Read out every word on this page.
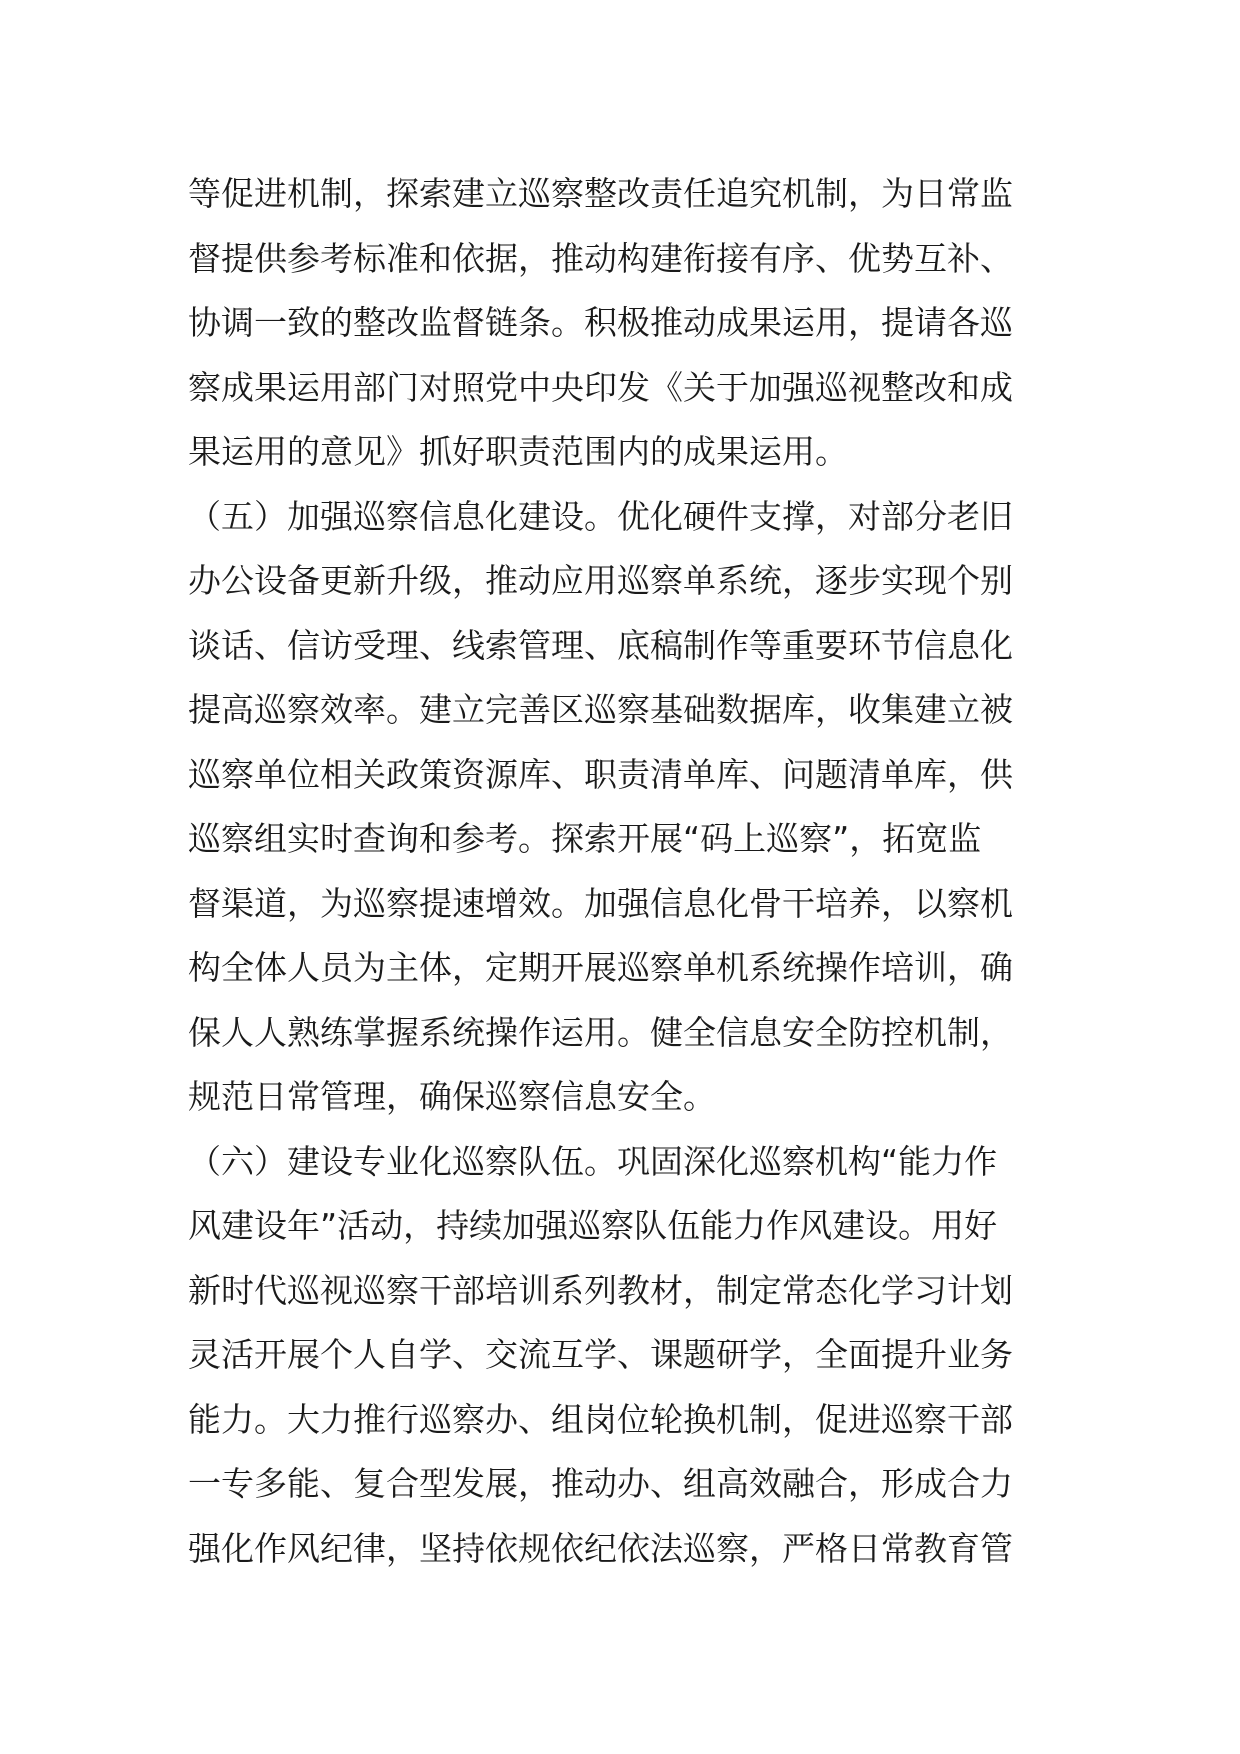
等促进机制，探索建立巡察整改责任追究机制，为日常监
督提供参考标准和依据，推动构建衔接有序、优势互补、
协调一致的整改监督链条。积极推动成果运用，提请各巡
察成果运用部门对照党中央印发《关于加强巡视整改和成
果运用的意见》抓好职责范围内的成果运用。
（五）加强巡察信息化建设。优化硬件支撑，对部分老旧
办公设备更新升级，推动应用巡察单系统，逐步实现个别
谈话、信访受理、线索管理、底稿制作等重要环节信息化
提高巡察效率。建立完善区巡察基础数据库，收集建立被
巡察单位相关政策资源库、职责清单库、问题清单库，供
巡察组实时查询和参考。探索开展“码上巡察”，拓宽监
督渠道，为巡察提速增效。加强信息化骨干培养，以察机
构全体人员为主体，定期开展巡察单机系统操作培训，确
保人人熟练掌握系统操作运用。健全信息安全防控机制，
规范日常管理，确保巡察信息安全。
（六）建设专业化巡察队伍。巩固深化巡察机构“能力作
风建设年”活动，持续加强巡察队伍能力作风建设。用好
新时代巡视巡察干部培训系列教材，制定常态化学习计划
灵活开展个人自学、交流互学、课题研学，全面提升业务
能力。大力推行巡察办、组岗位轮换机制，促进巡察干部
一专多能、复合型发展，推动办、组高效融合，形成合力
强化作风纪律，坚持依规依纪依法巡察，严格日常教育管
